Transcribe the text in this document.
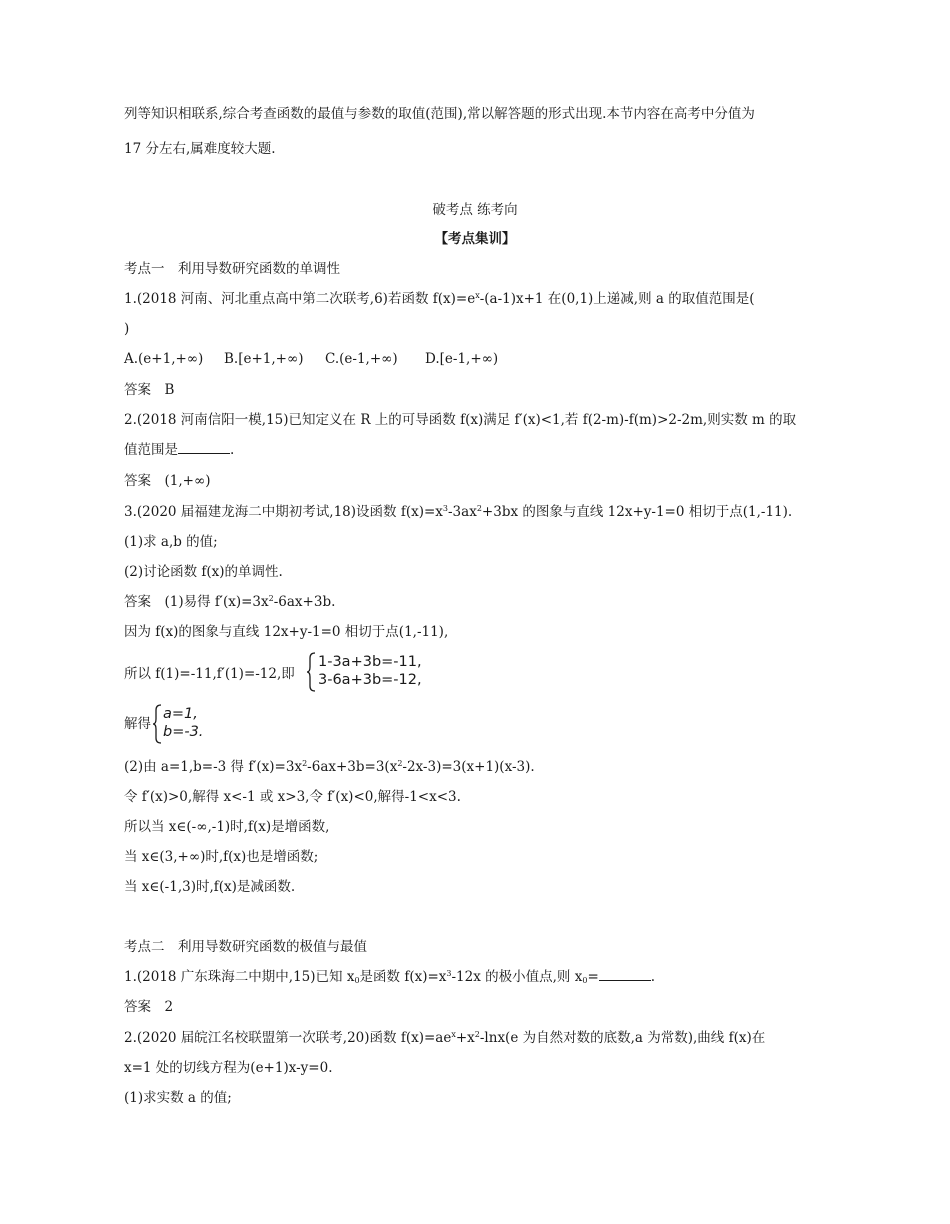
列等知识相联系,综合考查函数的最值与参数的取值(范围),常以解答题的形式出现.本节内容在高考中分值为

17 分左右,属难度较大题.

破考点 练考向

【考点集训】

考点一　利用导数研究函数的单调性

1.(2018 河南、河北重点高中第二次联考,6)若函数 $f(x)=e^x-(a-1)x+1$ 在(0,1)上递减,则 a 的取值范围是(

)

A.(e+1,+∞) B.[e+1,+∞) C.(e-1,+∞) D.[e-1,+∞)

答案　B

2.(2018 河南信阳一模,15)已知定义在 R 上的可导函数 f(x)满足 f′(x)<1,若 f(2-m)-f(m)>2-2m,则实数 m 的取

值范围是	.

答案　(1,+∞)

3.(2020 届福建龙海二中期初考试,18)设函数 $f(x)=x^3-3ax^2+3bx$ 的图象与直线 12x+y-1=0 相切于点(1,-11).

(1)求 a,b 的值;

(2)讨论函数 f(x)的单调性.

答案　(1)易得 $f'(x)=3x^2-6ax+3b$.

因为 f(x)的图象与直线 12x+y-1=0 相切于点(1,-11),

所以 f(1)=-11,f′(1)=-12,即

1-3a+3b=-11,
3-6a+3b=-12,

解得

a=1,
b=-3.

(2)由 a=1,b=-3 得 $f'(x)=3x^2-6ax+3b=3(x^2-2x-3)=3(x+1)(x-3)$.

令 f′(x)>0,解得 x<-1 或 x>3,令 f′(x)<0,解得-1<x<3.

所以当 x∈(-∞,-1)时,f(x)是增函数,

当 x∈(3,+∞)时,f(x)也是增函数;

当 x∈(-1,3)时,f(x)是减函数.

考点二　利用导数研究函数的极值与最值

1.(2018 广东珠海二中期中,15)已知 $x_0$是函数 $f(x)=x^3-12x$ 的极小值点,则 $x_0=$	.

答案　2

2.(2020 届皖江名校联盟第一次联考,20)函数 $f(x)=ae^x+x^2-\ln x(e$ 为自然对数的底数,a 为常数),曲线 f(x)在

x=1 处的切线方程为(e+1)x-y=0.

(1)求实数 a 的值;
